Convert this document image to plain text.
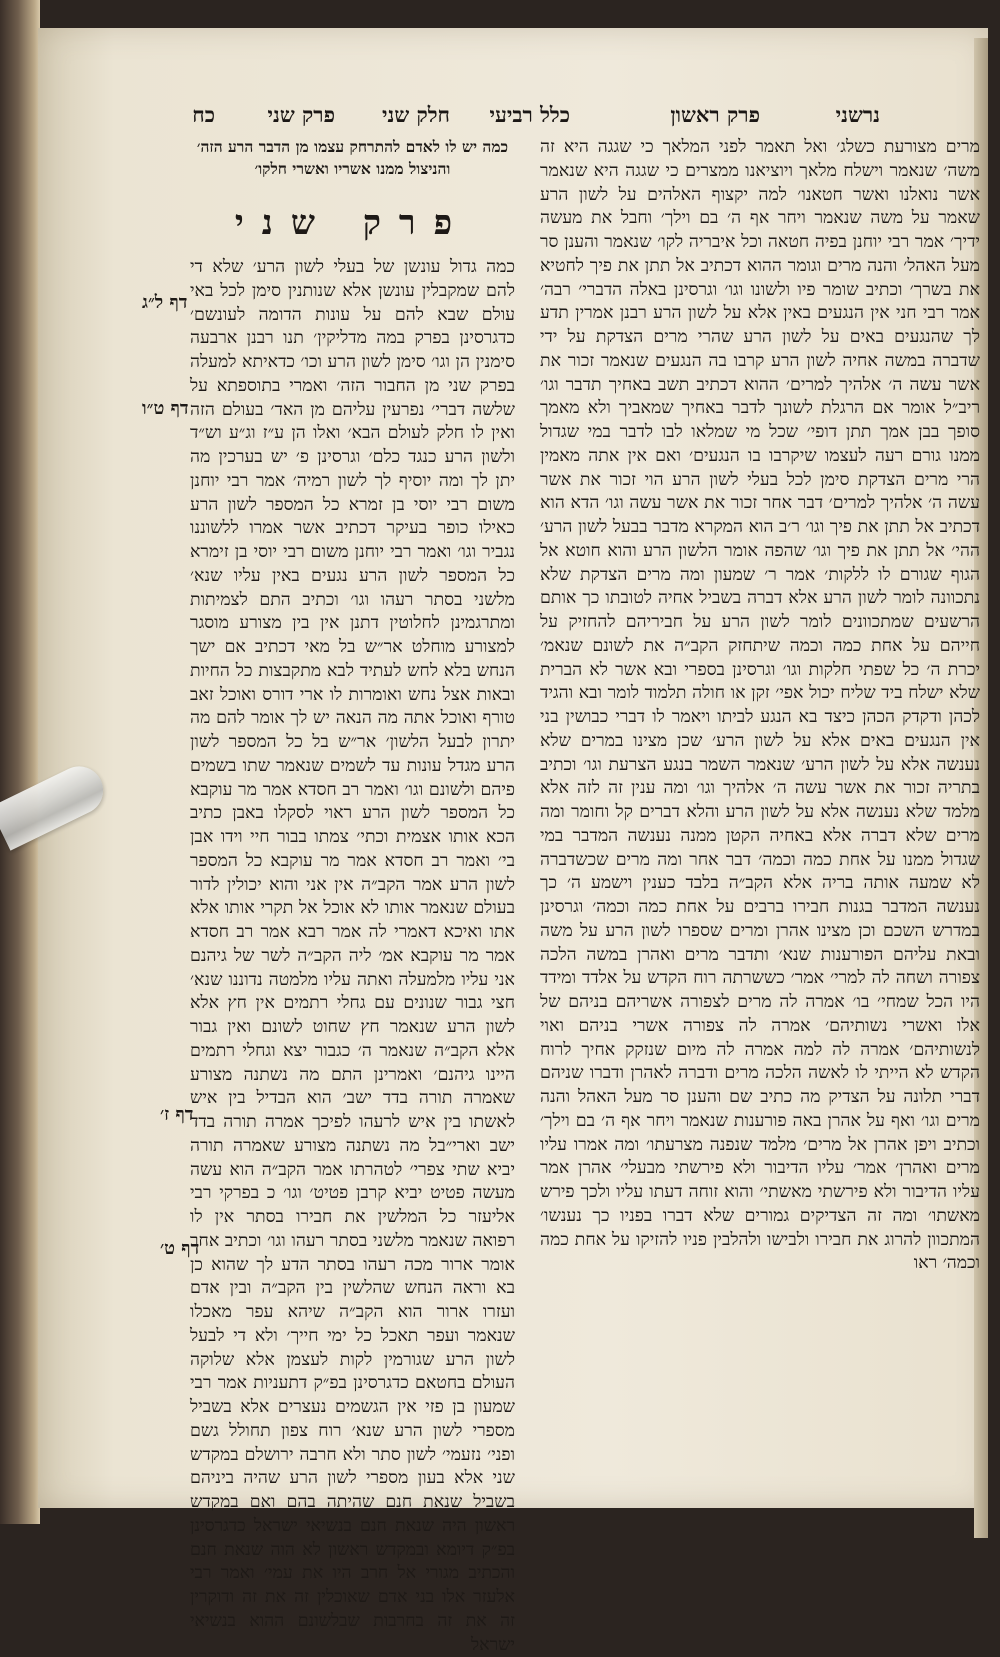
נרשני
פרק ראשון
כלל רביעי
חלק שני
פרק שני
כח

מרים מצורעת כשלג׳ ואל תאמר לפני המלאך כי שגגה היא זה משה׳ שנאמר וישלח מלאך ויוציאנו ממצרים כי שגגה היא שנאמר אשר נואלנו ואשר חטאנו׳ למה יקצוף האלהים על לשון הרע שאמר על משה שנאמר ויחר אף ה׳ בם וילך׳ וחבל את מעשה ידיך׳ אמר רבי יוחנן בפיה חטאה וכל איבריה לקו׳ שנאמר והענן סר מעל האהל׳ והנה מרים וגומר ההוא דכתיב אל תתן את פיך לחטיא את בשרך׳ וכתיב שומר פיו ולשונו וגו׳ וגרסינן באלה הדברי׳ רבה׳ אמר רבי חני אין הנגעים באין אלא על לשון הרע רבנן אמרין תדע לך שהנגעים באים על לשון הרע שהרי מרים הצדקת על ידי שדברה במשה אחיה לשון הרע קרבו בה הנגעים שנאמר זכור את אשר עשה ה׳ אלהיך למרים׳ ההוא דכתיב תשב באחיך תדבר וגו׳ ריב״ל אומר אם הרגלת לשונך לדבר באחיך שמאביך ולא מאמך סופך בבן אמך תתן דופי׳ שכל מי שמלאו לבו לדבר במי שגדול ממנו גורם רעה לעצמו שיקרבו בו הנגעים׳ ואם אין אתה מאמין הרי מרים הצדקת סימן לכל בעלי לשון הרע הוי זכור את אשר עשה ה׳ אלהיך למרים׳ דבר אחר זכור את אשר עשה וגו׳ הדא הוא דכתיב אל תתן את פיך וגו׳ ר׳ב הוא המקרא מדבר בבעל לשון הרע׳ ההי׳ אל תתן את פיך וגו׳ שהפה אומר הלשון הרע והוא חוטא אל הגוף שגורם לו ללקות׳ אמר ר׳ שמעון ומה מרים הצדקת שלא נתכוונה לומר לשון הרע אלא דברה בשביל אחיה לטובתו כך אותם הרשעים שמתכוונים לומר לשון הרע על חביריהם להחזיק על חייהם על אחת כמה וכמה שיתחזק הקב״ה את לשונם שנאמ׳ יכרת ה׳ כל שפתי חלקות וגו׳ וגרסינן בספרי ובא אשר לא הברית שלא ישלח ביד שליח יכול אפי׳ זקן או חולה תלמוד לומר ובא והגיד לכהן ודקדק הכהן כיצד בא הנגע לביתו ויאמר לו דברי כבושין בני אין הנגעים באים אלא על לשון הרע׳ שכן מצינו במרים שלא נענשה אלא על לשון הרע׳ שנאמר השמר בנגע הצרעת וגו׳ וכתיב בתריה זכור את אשר עשה ה׳ אלהיך וגו׳ ומה ענין זה לזה אלא מלמד שלא נענשה אלא על לשון הרע והלא דברים קל וחומר ומה מרים שלא דברה אלא באחיה הקטן ממנה נענשה המדבר במי שגדול ממנו על אחת כמה וכמה׳ דבר אחר ומה מרים שכשדברה לא שמעה אותה בריה אלא הקב״ה בלבד כענין וישמע ה׳ כך נענשה המדבר בגנות חבירו ברבים על אחת כמה וכמה׳ וגרסינן במדרש השכם וכן מצינו אהרן ומרים שספרו לשון הרע על משה ובאת עליהם הפורענות שנא׳ ותדבר מרים ואהרן במשה הלכה צפורה ושחה לה למרי׳ אמר׳ כששרתה רוח הקדש על אלדד ומידד היו הכל שמחי׳ בו׳ אמרה לה מרים לצפורה אשריהם בניהם של אלו ואשרי נשותיהם׳ אמרה לה צפורה אשרי בניהם ואוי לנשותיהם׳ אמרה לה למה אמרה לה מיום שנזקק אחיך לרוח הקדש לא הייתי לו לאשה הלכה מרים ודברה לאהרן ודברו שניהם דברי תלונה על הצדיק מה כתיב שם והענן סר מעל האהל והנה מרים וגו׳ ואף על אהרן באה פורענות שנאמר ויחר אף ה׳ בם וילך׳ וכתיב ויפן אהרן אל מרים׳ מלמד שנפנה מצרעתו׳ ומה אמרו עליו מרים ואהרן׳ אמר׳ עליו הדיבור ולא פירשתי מבעלי׳ אהרן אמר עליו הדיבור ולא פירשתי מאשתי׳ והוא זוחה דעתו עליו ולכך פירש מאשתו׳ ומה זה הצדיקים גמורים שלא דברו בפניו כך נענשו׳ המתכוון להרוג את חבירו ולבישו ולהלבין פניו להזיקו על אחת כמה וכמה׳ ראו

כמה יש לו לאדם להתרחק עצמו מן הדבר הרע הזה׳ והניצול ממנו אשריו ואשרי חלקו׳

פרק שני

כמה גדול עונשן של בעלי לשון הרע׳ שלא די להם שמקבלין עונשן אלא שנותנין סימן לכל באי עולם שבא להם על עונות הדומה לעונשם׳ כדגרסינן בפרק במה מדליקין׳ תנו רבנן ארבעה סימנין הן וגו׳ סימן לשון הרע וכו׳ כדאיתא למעלה בפרק שני מן החבור הזה׳ ואמרי בתוספתא על שלשה דברי׳ נפרעין עליהם מן האד׳ בעולם הזה ואין לו חלק לעולם הבא׳ ואלו הן ע״ז וג״ע וש״ד ולשון הרע כנגד כלם׳ וגרסינן פ׳ יש בערכין מה יתן לך ומה יוסיף לך לשון רמיה׳ אמר רבי יוחנן משום רבי יוסי בן זמרא כל המספר לשון הרע כאילו כופר בעיקר דכתיב אשר אמרו ללשוננו נגביר וגו׳ ואמר רבי יוחנן משום רבי יוסי בן זימרא כל המספר לשון הרע נגעים באין עליו שנא׳ מלשני בסתר רעהו וגו׳ וכתיב התם לצמיתות ומתרגמינן לחלוטין דתנן אין בין מצורע מוסגר למצורע מוחלט אר״ש בל מאי דכתיב אם ישך הנחש בלא לחש לעתיד לבא מתקבצות כל החיות ובאות אצל נחש ואומרות לו ארי דורס ואוכל זאב טורף ואוכל אתה מה הנאה יש לך אומר להם מה יתרון לבעל הלשון׳ אר״ש בל כל המספר לשון הרע מגדל עונות עד לשמים שנאמר שתו בשמים פיהם ולשונם וגו׳ ואמר רב חסדא אמר מר עוקבא כל המספר לשון הרע ראוי לסקלו באבן כתיב הכא אותו אצמית וכתי׳ צמתו בבור חיי וידו אבן בי׳ ואמר רב חסדא אמר מר עוקבא כל המספר לשון הרע אמר הקב״ה אין אני והוא יכולין לדור בעולם שנאמר אותו לא אוכל אל תקרי אותו אלא אתו ואיכא דאמרי לה אמר רבא אמר רב חסדא אמר מר עוקבא אמ׳ ליה הקב״ה לשר של גיהנם אני עליו מלמעלה ואתה עליו מלמטה נדוננו שנא׳ חצי גבור שנונים עם גחלי רתמים אין חץ אלא לשון הרע שנאמר חץ שחוט לשונם ואין גבור אלא הקב״ה שנאמר ה׳ כגבור יצא וגחלי רתמים היינו גיהנם׳ ואמרינן התם מה נשתנה מצורע שאמרה תורה בדד ישב׳ הוא הבדיל בין איש לאשתו בין איש לרעהו לפיכך אמרה תורה בדד ישב וארי״בל מה נשתנה מצורע שאמרה תורה יביא שתי צפרי׳ לטהרתו אמר הקב״ה הוא עשה מעשה פטיט יביא קרבן פטיט׳ וגו׳ כ בפרקי רבי אליעזר כל המלשין את חבירו בסתר אין לו רפואה שנאמר מלשני בסתר רעהו וגו׳ וכתיב אחר אומר ארור מכה רעהו בסתר הדע לך שהוא כן בא וראה הנחש שהלשין בין הקב״ה ובין אדם ועזרו ארור הוא הקב״ה שיהא עפר מאכלו שנאמר ועפר תאכל כל ימי חייך׳ ולא די לבעל לשון הרע שגורמין לקות לעצמן אלא שלוקה העולם בחטאם כדגרסינן בפ״ק דתעניות אמר רבי שמעון בן פזי אין הגשמים נעצרים אלא בשביל מספרי לשון הרע שנא׳ רוח צפון תחולל גשם ופני׳ נזעמי׳ לשון סתר ולא חרבה ירושלם במקדש שני אלא בעון מספרי לשון הרע שהיה ביניהם בשביל שנאת חנם שהיתה בהם ואם במקדש ראשון היה שנאת חנם בנשיאי ישראל כדגרסינן בפ״ק דיומא ובמקדש ראשון לא הוה שנאת חנם והכתיב מגורי אל חרב היו את עמי׳ ואמר רבי אלעזר אלו בני אדם שאוכלין זה את זה ודוקרין זה את זה בחרבות שבלשונם ההוא בנשיאי ישראל

דף ל״ג
דף ט״ו
דף ז׳
דף ט׳
